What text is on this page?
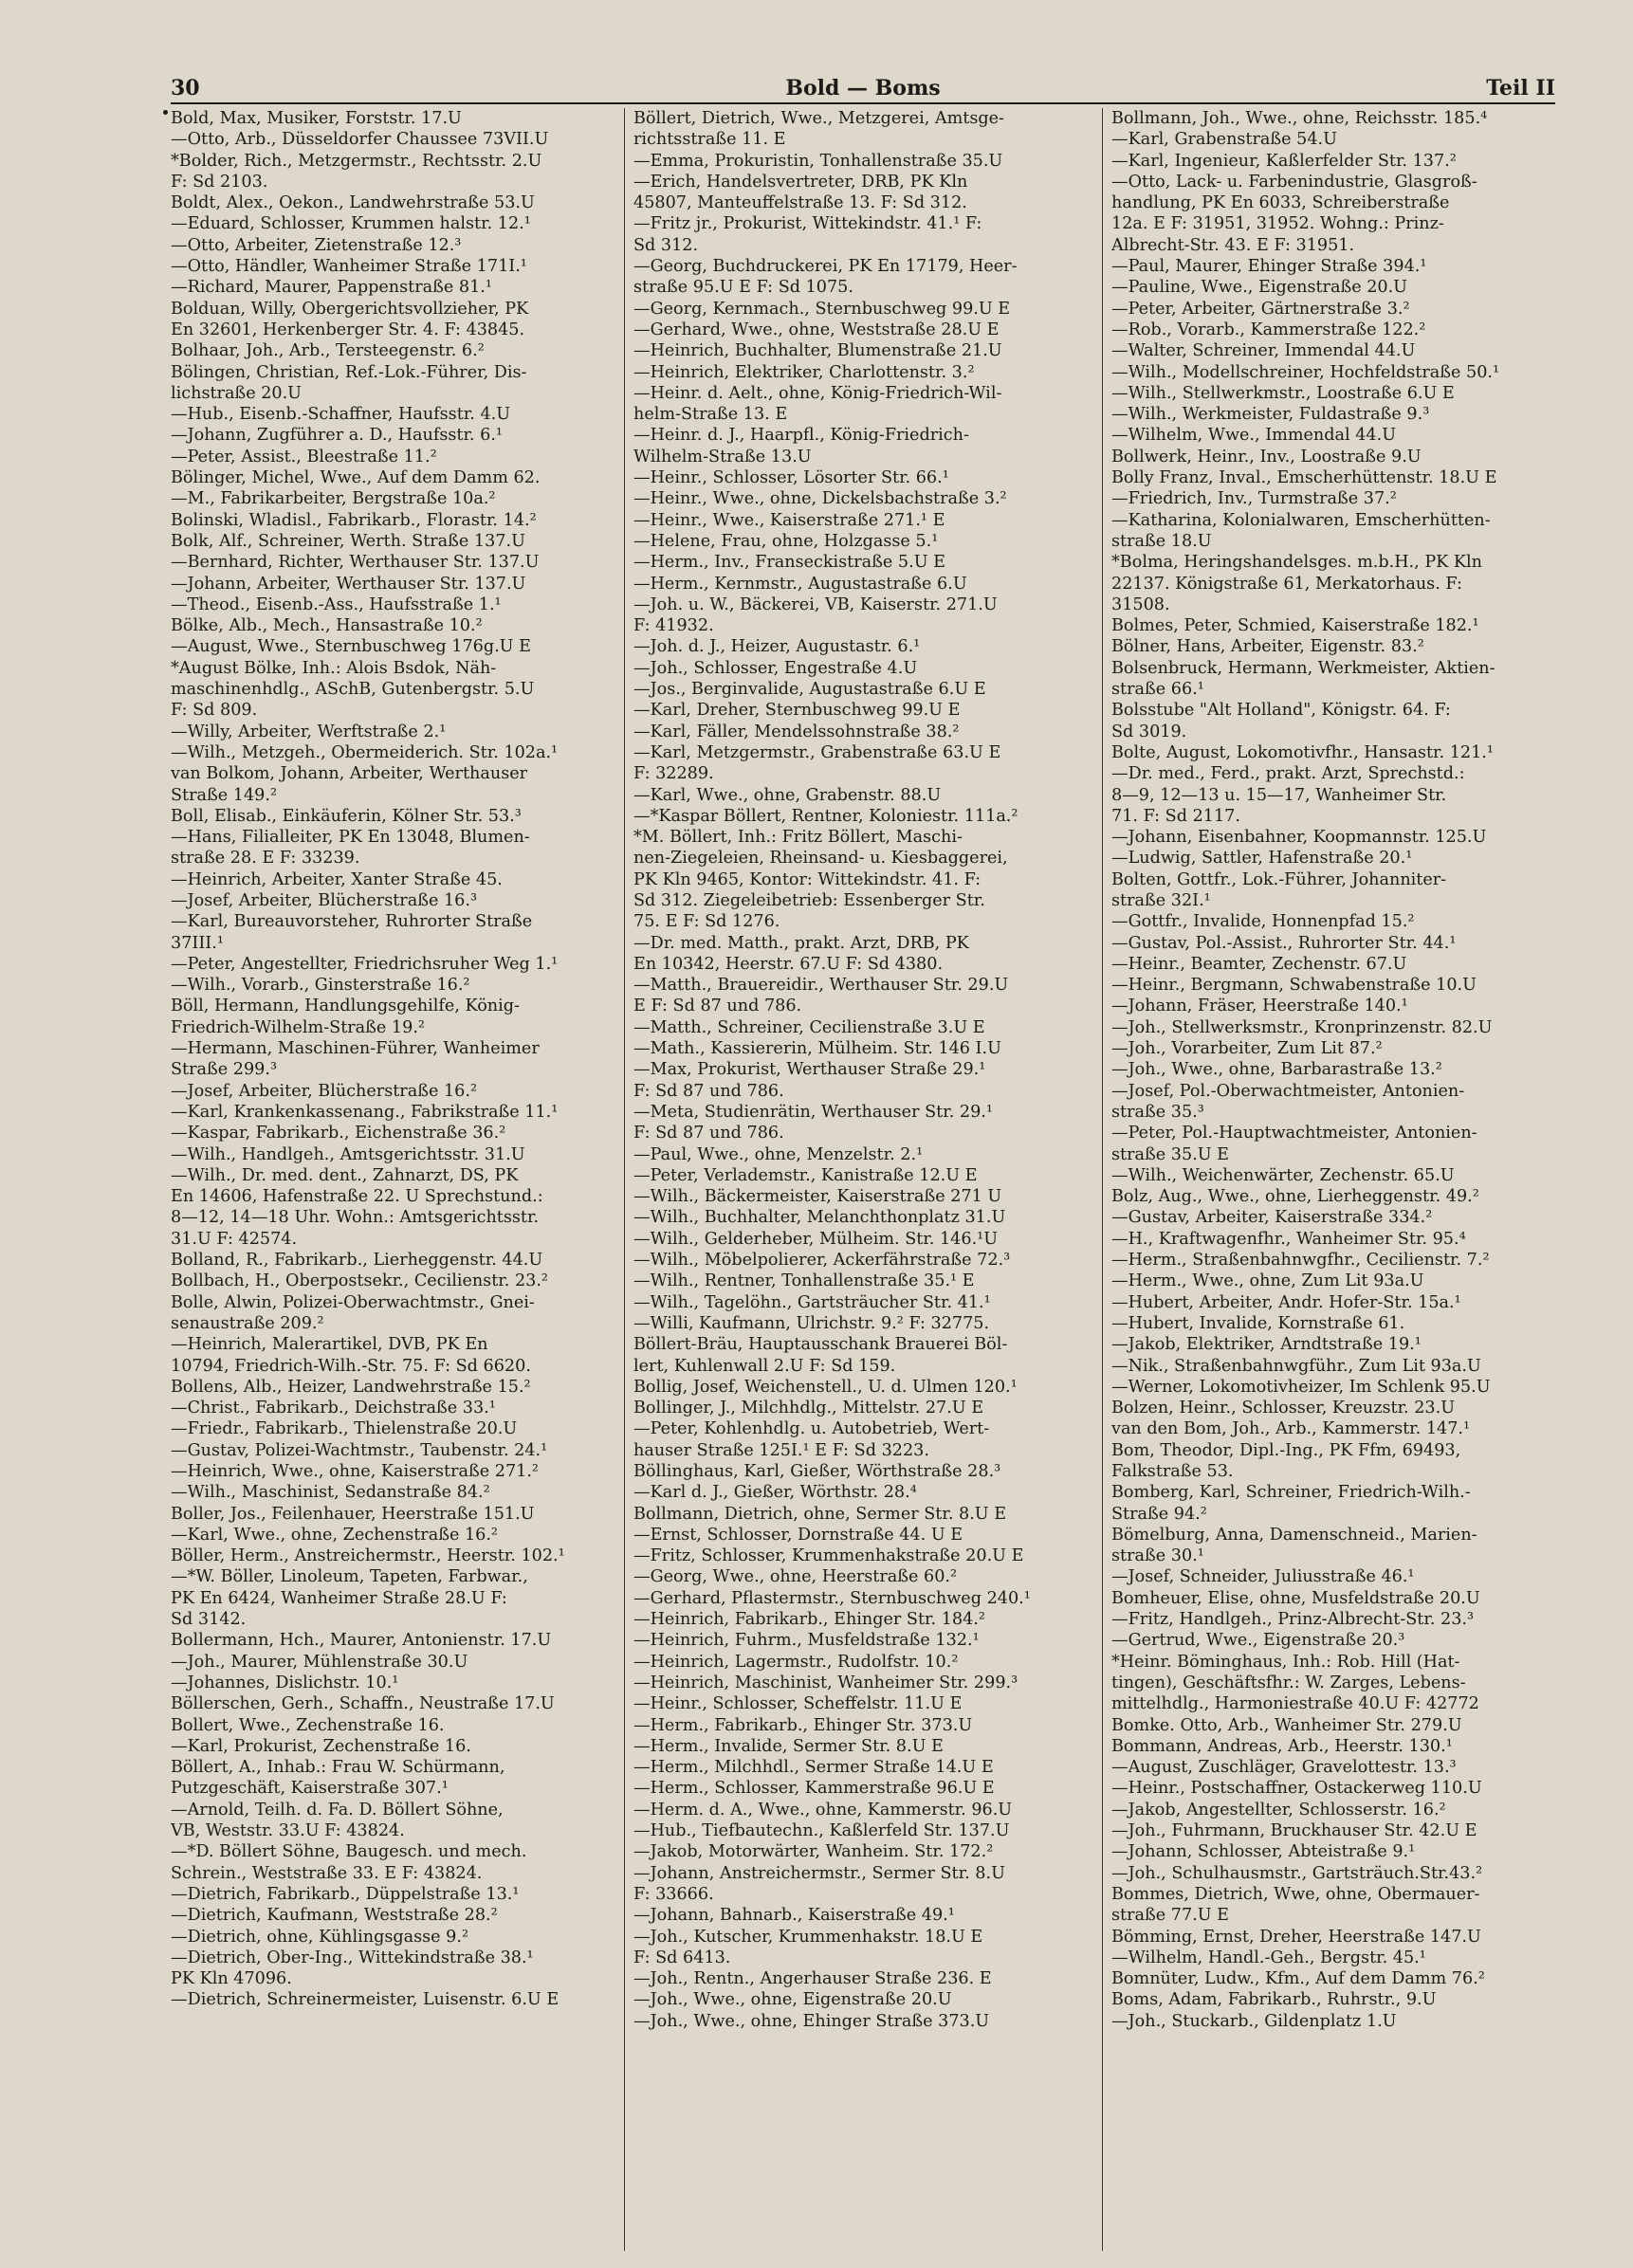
30	Bold — Boms	Teil II
Bold, Max, Musiker, Forststr. 17.U
—Otto, Arb., Düsseldorfer Chaussee 73VII.U
*Bolder, Rich., Metzgermstr., Rechtsstr. 2.U
F: Sd 2103.
Boldt, Alex., Oekon., Landwehrstraße 53.U
—Eduard, Schlosser, Krummen halstr. 12.¹
—Otto, Arbeiter, Zietenstraße 12.³
—Otto, Händler, Wanheimer Straße 171I.¹
—Richard, Maurer, Pappenstraße 81.¹
Bolduan, Willy, Obergerichtsvollzieher, PK
En 32601, Herkenberger Str. 4. F: 43845.
Bolhaar, Joh., Arb., Tersteegenstr. 6.²
Bölingen, Christian, Ref.-Lok.-Führer, Dis-
lichstraße 20.U
—Hub., Eisenb.-Schaffner, Haufsstr. 4.U
—Johann, Zugführer a. D., Haufsstr. 6.¹
—Peter, Assist., Bleestraße 11.²
Bölinger, Michel, Wwe., Auf dem Damm 62.
—M., Fabrikarbeiter, Bergstraße 10a.²
Bolinski, Wladisl., Fabrikarb., Florastr. 14.²
Bolk, Alf., Schreiner, Werth. Straße 137.U
—Bernhard, Richter, Werthauser Str. 137.U
—Johann, Arbeiter, Werthauser Str. 137.U
—Theod., Eisenb.-Ass., Haufsstraße 1.¹
Bölke, Alb., Mech., Hansastraße 10.²
—August, Wwe., Sternbuschweg 176g.U E
*August Bölke, Inh.: Alois Bsdok, Näh-
maschinenhdlg., ASchB, Gutenbergstr. 5.U
F: Sd 809.
—Willy, Arbeiter, Werftstraße 2.¹
—Wilh., Metzgeh., Obermeiderich. Str. 102a.¹
van Bolkom, Johann, Arbeiter, Werthauser
Straße 149.²
Boll, Elisab., Einkäuferin, Kölner Str. 53.³
—Hans, Filialleiter, PK En 13048, Blumen-
straße 28. E F: 33239.
—Heinrich, Arbeiter, Xanter Straße 45.
—Josef, Arbeiter, Blücherstraße 16.³
—Karl, Bureauvorsteher, Ruhrorter Straße
37III.¹
—Peter, Angestellter, Friedrichsruher Weg 1.¹
—Wilh., Vorarb., Ginsterstraße 16.²
Böll, Hermann, Handlungsgehilfe, König-
Friedrich-Wilhelm-Straße 19.²
—Hermann, Maschinen-Führer, Wanheimer
Straße 299.³
—Josef, Arbeiter, Blücherstraße 16.²
—Karl, Krankenkassenang., Fabrikstraße 11.¹
—Kaspar, Fabrikarb., Eichenstraße 36.²
—Wilh., Handlgeh., Amtsgerichtsstr. 31.U
—Wilh., Dr. med. dent., Zahnarzt, DS, PK
En 14606, Hafenstraße 22. U Sprechstund.:
8—12, 14—18 Uhr. Wohn.: Amtsgerichtsstr.
31.U F: 42574.
Bolland, R., Fabrikarb., Lierheggenstr. 44.U
Bollbach, H., Oberpostsekr., Cecilienstr. 23.²
Bolle, Alwin, Polizei-Oberwachtmstr., Gnei-
senaustraße 209.²
—Heinrich, Malerartikel, DVB, PK En
10794, Friedrich-Wilh.-Str. 75. F: Sd 6620.
Bollens, Alb., Heizer, Landwehrstraße 15.²
—Christ., Fabrikarb., Deichstraße 33.¹
—Friedr., Fabrikarb., Thielenstraße 20.U
—Gustav, Polizei-Wachtmstr., Taubenstr. 24.¹
—Heinrich, Wwe., ohne, Kaiserstraße 271.²
—Wilh., Maschinist, Sedanstraße 84.²
Boller, Jos., Feilenhauer, Heerstraße 151.U
—Karl, Wwe., ohne, Zechenstraße 16.²
Böller, Herm., Anstreichermstr., Heerstr. 102.¹
—*W. Böller, Linoleum, Tapeten, Farbwar.,
PK En 6424, Wanheimer Straße 28.U F:
Sd 3142.
Bollermann, Hch., Maurer, Antonienstr. 17.U
—Joh., Maurer, Mühlenstraße 30.U
—Johannes, Dislichstr. 10.¹
Böllerschen, Gerh., Schaffn., Neustraße 17.U
Bollert, Wwe., Zechenstraße 16.
—Karl, Prokurist, Zechenstraße 16.
Böllert, A., Inhab.: Frau W. Schürmann,
Putzgeschäft, Kaiserstraße 307.¹
—Arnold, Teilh. d. Fa. D. Böllert Söhne,
VB, Weststr. 33.U F: 43824.
—*D. Böllert Söhne, Baugesch. und mech.
Schrein., Weststraße 33. E F: 43824.
—Dietrich, Fabrikarb., Düppelstraße 13.¹
—Dietrich, Kaufmann, Weststraße 28.²
—Dietrich, ohne, Kühlingsgasse 9.²
—Dietrich, Ober-Ing., Wittekindstraße 38.¹
PK Kln 47096.
—Dietrich, Schreinermeister, Luisenstr. 6.U E
Böllert, Dietrich, Wwe., Metzgerei, Amtsge-
richtsstraße 11. E
—Emma, Prokuristin, Tonhallenstraße 35.U
—Erich, Handelsvertreter, DRB, PK Kln
45807, Manteuffelstraße 13. F: Sd 312.
—Fritz jr., Prokurist, Wittekindstr. 41.¹ F:
Sd 312.
—Georg, Buchdruckerei, PK En 17179, Heer-
straße 95.U E F: Sd 1075.
—Georg, Kernmach., Sternbuschweg 99.U E
—Gerhard, Wwe., ohne, Weststraße 28.U E
—Heinrich, Buchhalter, Blumenstraße 21.U
—Heinrich, Elektriker, Charlottenstr. 3.²
—Heinr. d. Aelt., ohne, König-Friedrich-Wil-
helm-Straße 13. E
—Heinr. d. J., Haarpfl., König-Friedrich-
Wilhelm-Straße 13.U
—Heinr., Schlosser, Lösorter Str. 66.¹
—Heinr., Wwe., ohne, Dickelsbachstraße 3.²
—Heinr., Wwe., Kaiserstraße 271.¹ E
—Helene, Frau, ohne, Holzgasse 5.¹
—Herm., Inv., Franseckistraße 5.U E
—Herm., Kernmstr., Augustastraße 6.U
—Joh. u. W., Bäckerei, VB, Kaiserstr. 271.U
F: 41932.
—Joh. d. J., Heizer, Augustastr. 6.¹
—Joh., Schlosser, Engestraße 4.U
—Jos., Berginvalide, Augustastraße 6.U E
—Karl, Dreher, Sternbuschweg 99.U E
—Karl, Fäller, Mendelssohnstraße 38.²
—Karl, Metzgermstr., Grabenstraße 63.U E
F: 32289.
—Karl, Wwe., ohne, Grabenstr. 88.U
—*Kaspar Böllert, Rentner, Koloniestr. 111a.²
*M. Böllert, Inh.: Fritz Böllert, Maschi-
nen-Ziegeleien, Rheinsand- u. Kiesbaggerei,
PK Kln 9465, Kontor: Wittekindstr. 41. F:
Sd 312. Ziegeleibetrieb: Essenberger Str.
75. E F: Sd 1276.
—Dr. med. Matth., prakt. Arzt, DRB, PK
En 10342, Heerstr. 67.U F: Sd 4380.
—Matth., Brauereidir., Werthauser Str. 29.U
E F: Sd 87 und 786.
—Matth., Schreiner, Cecilienstraße 3.U E
—Math., Kassiererin, Mülheim. Str. 146 I.U
—Max, Prokurist, Werthauser Straße 29.¹
F: Sd 87 und 786.
—Meta, Studienrätin, Werthauser Str. 29.¹
F: Sd 87 und 786.
—Paul, Wwe., ohne, Menzelstr. 2.¹
—Peter, Verlademstr., Kanistraße 12.U E
—Wilh., Bäckermeister, Kaiserstraße 271 U
—Wilh., Buchhalter, Melanchthonplatz 31.U
—Wilh., Gelderheber, Mülheim. Str. 146.¹U
—Wilh., Möbelpolierer, Ackerfährstraße 72.³
—Wilh., Rentner, Tonhallenstraße 35.¹ E
—Wilh., Tagelöhn., Gartsträucher Str. 41.¹
—Willi, Kaufmann, Ulrichstr. 9.² F: 32775.
Böllert-Bräu, Hauptausschank Brauerei Böl-
lert, Kuhlenwall 2.U F: Sd 159.
Bollig, Josef, Weichenstell., U. d. Ulmen 120.¹
Bollinger, J., Milchhdlg., Mittelstr. 27.U E
—Peter, Kohlenhdlg. u. Autobetrieb, Wert-
hauser Straße 125I.¹ E F: Sd 3223.
Böllinghaus, Karl, Gießer, Wörthstraße 28.³
—Karl d. J., Gießer, Wörthstr. 28.⁴
Bollmann, Dietrich, ohne, Sermer Str. 8.U E
—Ernst, Schlosser, Dornstraße 44. U E
—Fritz, Schlosser, Krummenhakstraße 20.U E
—Georg, Wwe., ohne, Heerstraße 60.²
—Gerhard, Pflastermstr., Sternbuschweg 240.¹
—Heinrich, Fabrikarb., Ehinger Str. 184.²
—Heinrich, Fuhrm., Musfeldstraße 132.¹
—Heinrich, Lagermstr., Rudolfstr. 10.²
—Heinrich, Maschinist, Wanheimer Str. 299.³
—Heinr., Schlosser, Scheffelstr. 11.U E
—Herm., Fabrikarb., Ehinger Str. 373.U
—Herm., Invalide, Sermer Str. 8.U E
—Herm., Milchhdl., Sermer Straße 14.U E
—Herm., Schlosser, Kammerstraße 96.U E
—Herm. d. A., Wwe., ohne, Kammerstr. 96.U
—Hub., Tiefbautechn., Kaßlerfeld Str. 137.U
—Jakob, Motorwärter, Wanheim. Str. 172.²
—Johann, Anstreichermstr., Sermer Str. 8.U
F: 33666.
—Johann, Bahnarb., Kaiserstraße 49.¹
—Joh., Kutscher, Krummenhakstr. 18.U E
F: Sd 6413.
—Joh., Rentn., Angerhauser Straße 236. E
—Joh., Wwe., ohne, Eigenstraße 20.U
—Joh., Wwe., ohne, Ehinger Straße 373.U
Bollmann, Joh., Wwe., ohne, Reichsstr. 185.⁴
—Karl, Grabenstraße 54.U
—Karl, Ingenieur, Kaßlerfelder Str. 137.²
—Otto, Lack- u. Farbenindustrie, Glasgroß-
handlung, PK En 6033, Schreiberstraße
12a. E F: 31951, 31952. Wohng.: Prinz-
Albrecht-Str. 43. E F: 31951.
—Paul, Maurer, Ehinger Straße 394.¹
—Pauline, Wwe., Eigenstraße 20.U
—Peter, Arbeiter, Gärtnerstraße 3.²
—Rob., Vorarb., Kammerstraße 122.²
—Walter, Schreiner, Immendal 44.U
—Wilh., Modellschreiner, Hochfeldstraße 50.¹
—Wilh., Stellwerkmstr., Loostraße 6.U E
—Wilh., Werkmeister, Fuldastraße 9.³
—Wilhelm, Wwe., Immendal 44.U
Bollwerk, Heinr., Inv., Loostraße 9.U
Bolly Franz, Inval., Emscherhüttenstr. 18.U E
—Friedrich, Inv., Turmstraße 37.²
—Katharina, Kolonialwaren, Emscherhütten-
straße 18.U
*Bolma, Heringshandelsges. m.b.H., PK Kln
22137. Königstraße 61, Merkatorhaus. F:
31508.
Bolmes, Peter, Schmied, Kaiserstraße 182.¹
Bölner, Hans, Arbeiter, Eigenstr. 83.²
Bolsenbruck, Hermann, Werkmeister, Aktien-
straße 66.¹
Bolsstube "Alt Holland", Königstr. 64. F:
Sd 3019.
Bolte, August, Lokomotivfhr., Hansastr. 121.¹
—Dr. med., Ferd., prakt. Arzt, Sprechstd.:
8—9, 12—13 u. 15—17, Wanheimer Str.
71. F: Sd 2117.
—Johann, Eisenbahner, Koopmannstr. 125.U
—Ludwig, Sattler, Hafenstraße 20.¹
Bolten, Gottfr., Lok.-Führer, Johanniter-
straße 32I.¹
—Gottfr., Invalide, Honnenpfad 15.²
—Gustav, Pol.-Assist., Ruhrorter Str. 44.¹
—Heinr., Beamter, Zechenstr. 67.U
—Heinr., Bergmann, Schwabenstraße 10.U
—Johann, Fräser, Heerstraße 140.¹
—Joh., Stellwerksmstr., Kronprinzenstr. 82.U
—Joh., Vorarbeiter, Zum Lit 87.²
—Joh., Wwe., ohne, Barbarastraße 13.²
—Josef, Pol.-Oberwachtmeister, Antonien-
straße 35.³
—Peter, Pol.-Hauptwachtmeister, Antonien-
straße 35.U E
—Wilh., Weichenwärter, Zechenstr. 65.U
Bolz, Aug., Wwe., ohne, Lierheggenstr. 49.²
—Gustav, Arbeiter, Kaiserstraße 334.²
—H., Kraftwagenfhr., Wanheimer Str. 95.⁴
—Herm., Straßenbahnwgfhr., Cecilienstr. 7.²
—Herm., Wwe., ohne, Zum Lit 93a.U
—Hubert, Arbeiter, Andr. Hofer-Str. 15a.¹
—Hubert, Invalide, Kornstraße 61.
—Jakob, Elektriker, Arndtstraße 19.¹
—Nik., Straßenbahnwgführ., Zum Lit 93a.U
—Werner, Lokomotivheizer, Im Schlenk 95.U
Bolzen, Heinr., Schlosser, Kreuzstr. 23.U
van den Bom, Joh., Arb., Kammerstr. 147.¹
Bom, Theodor, Dipl.-Ing., PK Ffm, 69493,
Falkstraße 53.
Bomberg, Karl, Schreiner, Friedrich-Wilh.-
Straße 94.²
Bömelburg, Anna, Damenschneid., Marien-
straße 30.¹
—Josef, Schneider, Juliusstraße 46.¹
Bomheuer, Elise, ohne, Musfeldstraße 20.U
—Fritz, Handlgeh., Prinz-Albrecht-Str. 23.³
—Gertrud, Wwe., Eigenstraße 20.³
*Heinr. Böminghaus, Inh.: Rob. Hill (Hat-
tingen), Geschäftsfhr.: W. Zarges, Lebens-
mittelhdlg., Harmoniestraße 40.U F: 42772
Bomke. Otto, Arb., Wanheimer Str. 279.U
Bommann, Andreas, Arb., Heerstr. 130.¹
—August, Zuschläger, Gravelottestr. 13.³
—Heinr., Postschaffner, Ostackerweg 110.U
—Jakob, Angestellter, Schlosserstr. 16.²
—Joh., Fuhrmann, Bruckhauser Str. 42.U E
—Johann, Schlosser, Abteistraße 9.¹
—Joh., Schulhausmstr., Gartsträuch.Str.43.²
Bommes, Dietrich, Wwe, ohne, Obermauer-
straße 77.U E
Bömming, Ernst, Dreher, Heerstraße 147.U
—Wilhelm, Handl.-Geh., Bergstr. 45.¹
Bomnüter, Ludw., Kfm., Auf dem Damm 76.²
Boms, Adam, Fabrikarb., Ruhrstr., 9.U
—Joh., Stuckarb., Gildenplatz 1.U
